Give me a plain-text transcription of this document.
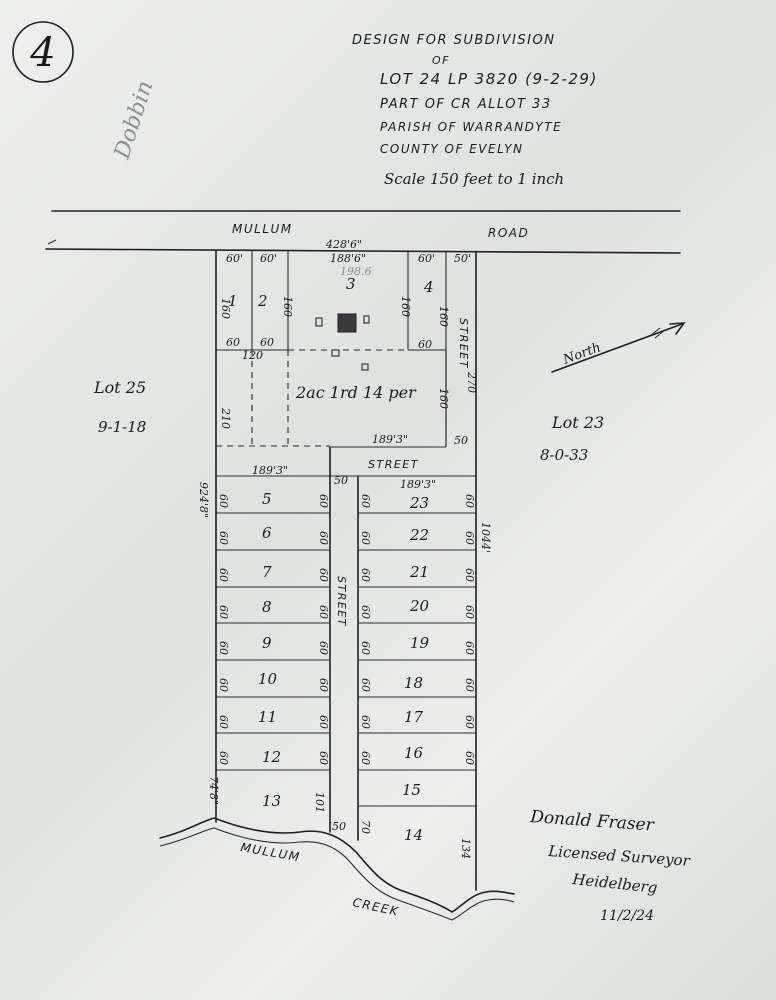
4
Dobbin
DESIGN FOR SUBDIVISION
OF
LOT 24 LP 3820 (9-2-29)
PART OF CR ALLOT 33
PARISH OF WARRANDYTE
COUNTY OF EVELYN
Scale 150 feet to 1 inch
MULLUM	ROAD
MULLUM
CREEK
North
Lot 25
9-1-18	Lot 23
8-0-33
2ac 1rd 14 per
STREET
STREET
STREET
1 2
3	4
5
6
7
8
9
10
11
12
13
14
15
16
17
18
19
20
21
22
23
428'6"
188'6"
198.6
60' 60'	60' 50'
60 60	60
120
50
189'3"
189'3"
189'3"
50
50
160	160	160 160
160
270
210
924'8"
1044'
74'8"	101
70
134
60	60	60	60
60	60	60	60
60	60	60	60
60	60	60	60
60	60	60	60
60	60	60	60
60	60	60	60
60	60	60	60
Donald Fraser
Licensed Surveyor
Heidelberg
11/2/24
